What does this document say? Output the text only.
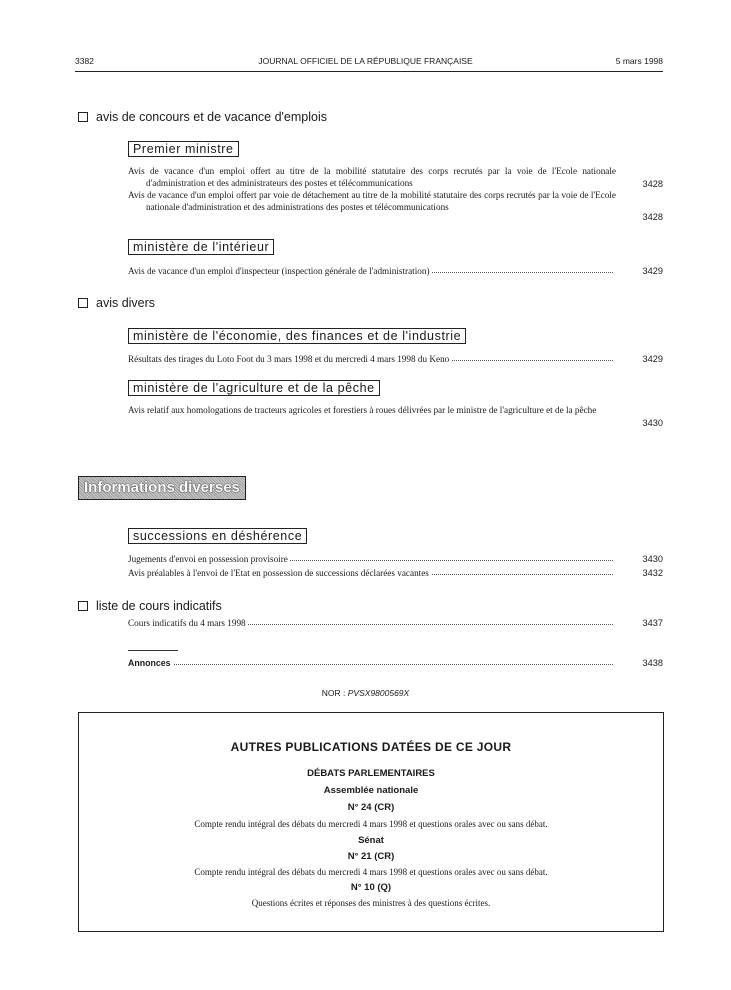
3382	JOURNAL OFFICIEL DE LA RÉPUBLIQUE FRANÇAISE	5 mars 1998
avis de concours et de vacance d'emplois
Premier ministre
Avis de vacance d'un emploi offert au titre de la mobilité statutaire des corps recrutés par la voie de l'Ecole nationale d'administration et des administrateurs des postes et télécommunications	3428
Avis de vacance d'un emploi offert par voie de détachement au titre de la mobilité statutaire des corps recrutés par la voie de l'Ecole nationale d'administration et des administrations des postes et télécommunications
3428
ministère de l'intérieur
Avis de vacance d'un emploi d'inspecteur (inspection générale de l'administration)	3429
avis divers
ministère de l'économie, des finances et de l'industrie
Résultats des tirages du Loto Foot du 3 mars 1998 et du mercredi 4 mars 1998 du Keno	3429
ministère de l'agriculture et de la pêche
Avis relatif aux homologations de tracteurs agricoles et forestiers à roues délivrées par le ministre de l'agriculture et de la pêche
3430
Informations diverses
successions en déshérence
Jugements d'envoi en possession provisoire	3430
Avis préalables à l'envoi de l'Etat en possession de successions déclarées vacantes	3432
liste de cours indicatifs
Cours indicatifs du 4 mars 1998	3437
Annonces	3438
NOR : PVSX9800569X
AUTRES PUBLICATIONS DATÉES DE CE JOUR
DÉBATS PARLEMENTAIRES
Assemblée nationale
N° 24 (CR)
Compte rendu intégral des débats du mercredi 4 mars 1998 et questions orales avec ou sans débat.
Sénat
N° 21 (CR)
Compte rendu intégral des débats du mercredi 4 mars 1998 et questions orales avec ou sans débat.
N° 10 (Q)
Questions écrites et réponses des ministres à des questions écrites.
